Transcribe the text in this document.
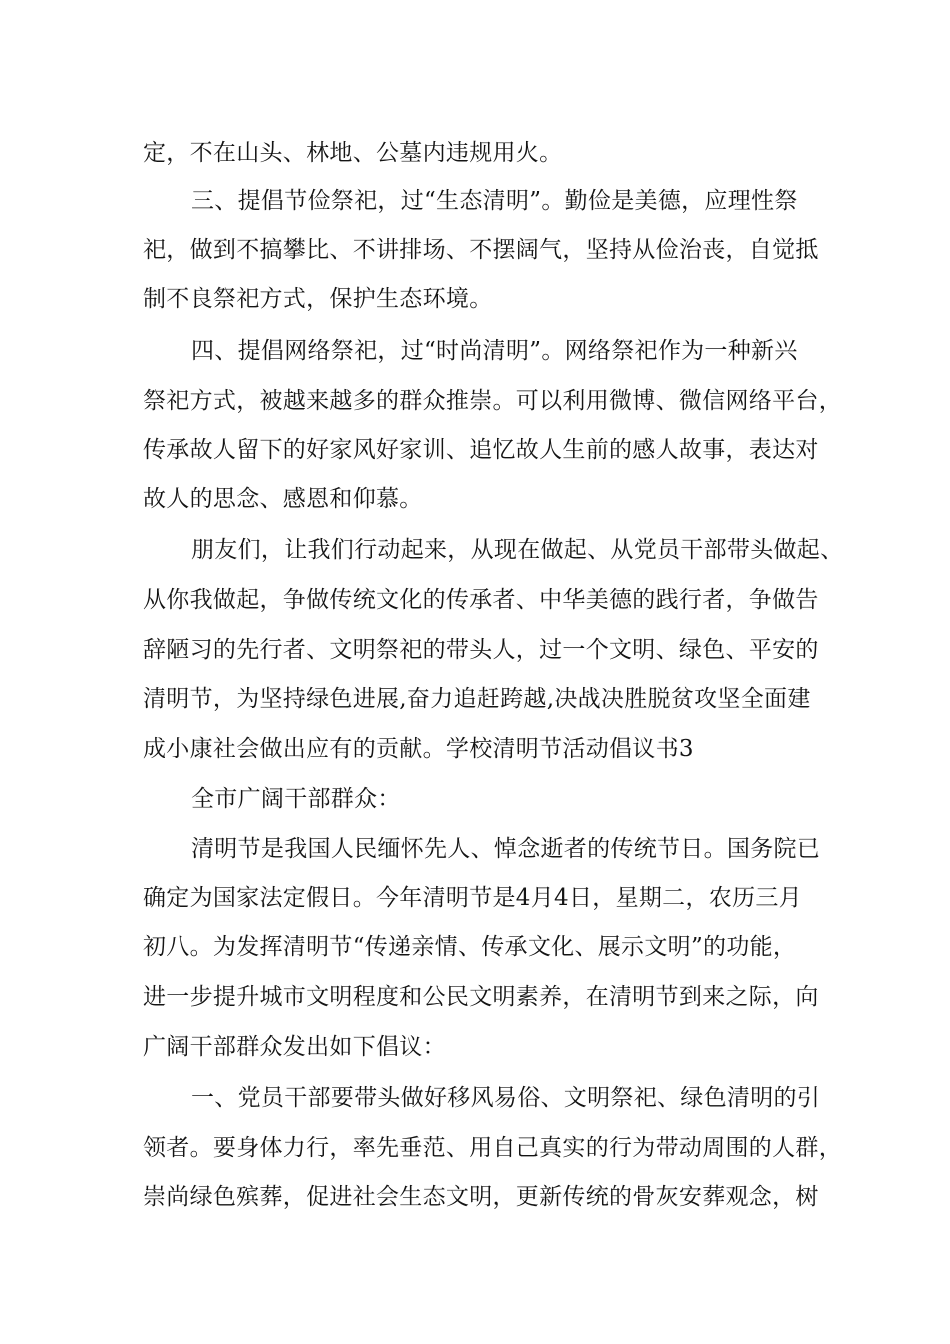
定，不在山头、林地、公墓内违规用火。
三、提倡节俭祭祀，过“生态清明”。勤俭是美德，应理性祭
祀，做到不搞攀比、不讲排场、不摆阔气，坚持从俭治丧，自觉抵
制不良祭祀方式，保护生态环境。
四、提倡网络祭祀，过“时尚清明”。网络祭祀作为一种新兴
祭祀方式，被越来越多的群众推崇。可以利用微博、微信网络平台，
传承故人留下的好家风好家训、追忆故人生前的感人故事，表达对
故人的思念、感恩和仰慕。
朋友们，让我们行动起来，从现在做起、从党员干部带头做起、
从你我做起，争做传统文化的传承者、中华美德的践行者，争做告
辞陋习的先行者、文明祭祀的带头人，过一个文明、绿色、平安的
清明节，为坚持绿色进展,奋力追赶跨越,决战决胜脱贫攻坚全面建
成小康社会做出应有的贡献。学校清明节活动倡议书3
全市广阔干部群众：
清明节是我国人民缅怀先人、悼念逝者的传统节日。国务院已
确定为国家法定假日。今年清明节是4月4日，星期二，农历三月
初八。为发挥清明节“传递亲情、传承文化、展示文明”的功能，
进一步提升城市文明程度和公民文明素养，在清明节到来之际，向
广阔干部群众发出如下倡议：
一、党员干部要带头做好移风易俗、文明祭祀、绿色清明的引
领者。要身体力行，率先垂范、用自己真实的行为带动周围的人群，
崇尚绿色殡葬，促进社会生态文明，更新传统的骨灰安葬观念，树
